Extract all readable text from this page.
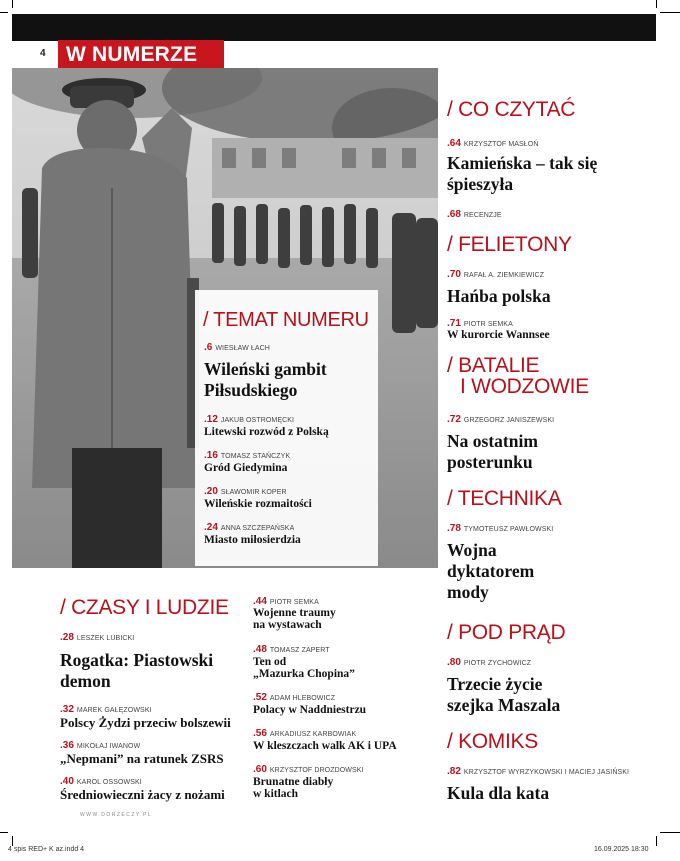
4 W NUMERZE
/ TEMAT NUMERU
.6 WIESŁAW ŁACH
Wileński gambit
Piłsudskiego
.12 JAKUB OSTROMĘCKI
Litewski rozwód z Polską
.16 TOMASZ STAŃCZYK
Gród Giedymina
.20 SŁAWOMIR KOPER
Wileńskie rozmaitości
.24 ANNA SZCZEPAŃSKA
Miasto miłosierdzia
/ CO CZYTAĆ
.64 KRZYSZTOF MASŁOŃ
Kamieńska – tak się
śpieszyła
.68 RECENZJE
/ FELIETONY
.70 RAFAŁ A. ZIEMKIEWICZ
Hańba polska
.71 PIOTR SEMKA
W kurorcie Wannsee
/ BATALIE
I WODZOWIE
.72 GRZEGORZ JANISZEWSKI
Na ostatnim
posterunku
/ TECHNIKA
.78 TYMOTEUSZ PAWŁOWSKI
Wojna
dyktatorem
mody
/ POD PRĄD
.80 PIOTR ZYCHOWICZ
Trzecie życie
szejka Maszala
/ KOMIKS
.82 KRZYSZTOF WYRZYKOWSKI I MACIEJ JASIŃSKI
Kula dla kata
/ CZASY I LUDZIE
.28 LESZEK LUBICKI
Rogatka: Piastowski
demon
.32 MAREK GAŁĘZOWSKI
Polscy Żydzi przeciw bolszewii
.36 MIKOŁAJ IWANOW
„Nepmani” na ratunek ZSRS
.40 KAROL OSSOWSKI
Średniowieczni żacy z nożami
.44 PIOTR SEMKA
Wojenne traumy
na wystawach
.48 TOMASZ ZAPERT
Ten od
„Mazurka Chopina”
.52 ADAM HLEBOWICZ
Polacy w Naddniestrzu
.56 ARKADIUSZ KARBOWIAK
W kleszczach walk AK i UPA
.60 KRZYSZTOF DROZDOWSKI
Brunatne diabły
w kitlach
WWW.DORZECZY.PL
4 spis RED+ K az.indd 4	16.09.2025 18:30
